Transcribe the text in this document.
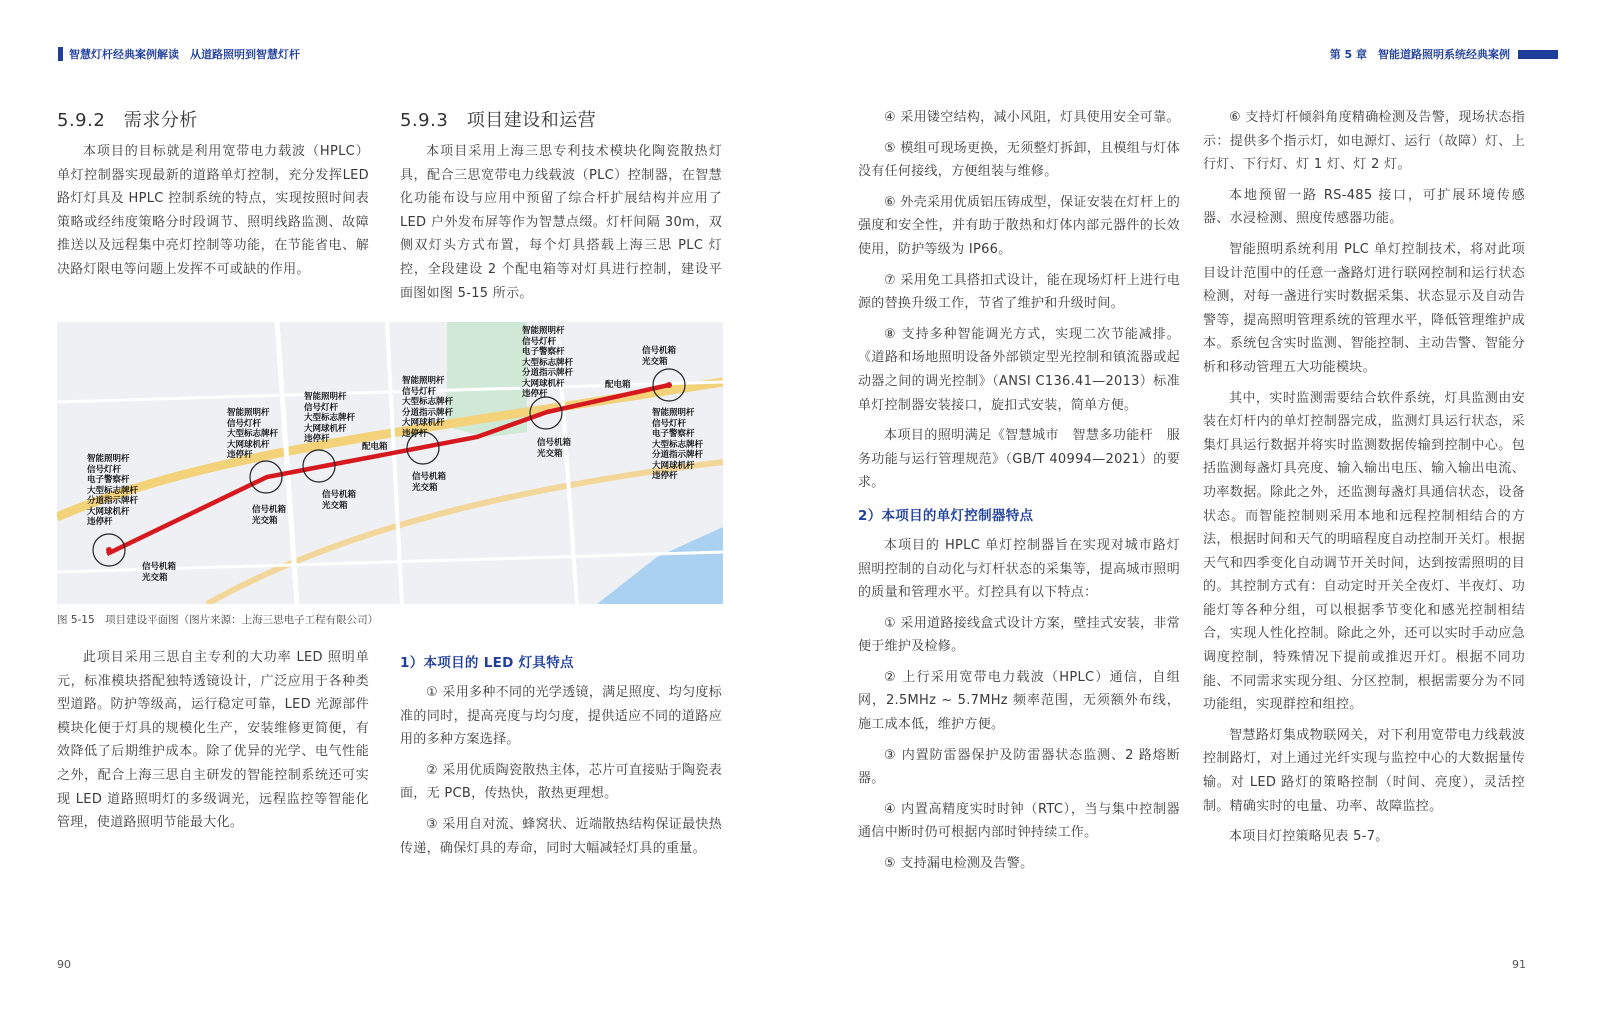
智慧灯杆经典案例解读　从道路照明到智慧灯杆	第 5 章　智能道路照明系统经典案例
5.9.2　需求分析

本项目的目标就是利用宽带电力载波（HPLC）单灯控制器实现最新的道路单灯控制，充分发挥LED路灯灯具及 HPLC 控制系统的特点，实现按照时间表策略或经纬度策略分时段调节、照明线路监测、故障推送以及远程集中亮灯控制等功能，在节能省电、解决路灯限电等问题上发挥不可或缺的作用。

5.9.3　项目建设和运营

本项目采用上海三思专利技术模块化陶瓷散热灯具，配合三思宽带电力线载波（PLC）控制器，在智慧化功能布设与应用中预留了综合杆扩展结构并应用了 LED 户外发布屏等作为智慧点缀。灯杆间隔 30m，双侧双灯头方式布置，每个灯具搭载上海三思 PLC 灯控，全段建设 2 个配电箱等对灯具进行控制，建设平面图如图 5-15 所示。

智能照明杆
信号灯杆
电子警察杆
大型标志牌杆
分道指示牌杆
大网球机杆
违停杆
信号机箱
光交箱
智能照明杆
信号灯杆
大型标志牌杆
大网球机杆
违停杆
信号机箱
光交箱
智能照明杆
信号灯杆
大型标志牌杆
大网球机杆
违停杆
信号机箱
光交箱
配电箱
智能照明杆
信号灯杆
大型标志牌杆
分道指示牌杆
大网球机杆
违停杆
信号机箱
光交箱
智能照明杆
信号灯杆
电子警察杆
大型标志牌杆
分道指示牌杆
大网球机杆
违停杆
信号机箱
光交箱
配电箱
信号机箱
光交箱
智能照明杆
信号灯杆
电子警察杆
大型标志牌杆
分道指示牌杆
大网球机杆
违停杆
图 5-15　项目建设平面图（图片来源：上海三思电子工程有限公司）

此项目采用三思自主专利的大功率 LED 照明单元，标准模块搭配独特透镜设计，广泛应用于各种类型道路。防护等级高，运行稳定可靠，LED 光源部件模块化便于灯具的规模化生产，安装维修更简便，有效降低了后期维护成本。除了优异的光学、电气性能之外，配合上海三思自主研发的智能控制系统还可实现 LED 道路照明灯的多级调光，远程监控等智能化管理，使道路照明节能最大化。

1）本项目的 LED 灯具特点

① 采用多种不同的光学透镜，满足照度、均匀度标准的同时，提高亮度与均匀度，提供适应不同的道路应用的多种方案选择。

② 采用优质陶瓷散热主体，芯片可直接贴于陶瓷表面，无 PCB，传热快，散热更理想。

③ 采用自对流、蜂窝状、近端散热结构保证最快热传递，确保灯具的寿命，同时大幅减轻灯具的重量。

90

④ 采用镂空结构，减小风阻，灯具使用安全可靠。

⑤ 模组可现场更换，无须整灯拆卸，且模组与灯体没有任何接线，方便组装与维修。

⑥ 外壳采用优质铝压铸成型，保证安装在灯杆上的强度和安全性，并有助于散热和灯体内部元器件的长效使用，防护等级为 IP66。

⑦ 采用免工具搭扣式设计，能在现场灯杆上进行电源的替换升级工作，节省了维护和升级时间。

⑧ 支持多种智能调光方式，实现二次节能减排。《道路和场地照明设备外部锁定型光控制和镇流器或起动器之间的调光控制》（ANSI C136.41—2013）标准单灯控制器安装接口，旋扣式安装，简单方便。

本项目的照明满足《智慧城市　智慧多功能杆　服务功能与运行管理规范》（GB/T 40994—2021）的要求。

2）本项目的单灯控制器特点

本项目的 HPLC 单灯控制器旨在实现对城市路灯照明控制的自动化与灯杆状态的采集等，提高城市照明的质量和管理水平。灯控具有以下特点：

① 采用道路接线盒式设计方案，壁挂式安装，非常便于维护及检修。

② 上行采用宽带电力载波（HPLC）通信，自组网，2.5MHz ~ 5.7MHz 频率范围，无须额外布线，施工成本低，维护方便。

③ 内置防雷器保护及防雷器状态监测、2 路熔断器。

④ 内置高精度实时时钟（RTC），当与集中控制器通信中断时仍可根据内部时钟持续工作。

⑤ 支持漏电检测及告警。

⑥ 支持灯杆倾斜角度精确检测及告警，现场状态指示：提供多个指示灯，如电源灯、运行（故障）灯、上行灯、下行灯、灯 1 灯、灯 2 灯。

本地预留一路 RS-485 接口，可扩展环境传感器、水浸检测、照度传感器功能。

智能照明系统利用 PLC 单灯控制技术，将对此项目设计范围中的任意一盏路灯进行联网控制和运行状态检测，对每一盏进行实时数据采集、状态显示及自动告警等，提高照明管理系统的管理水平，降低管理维护成本。系统包含实时监测、智能控制、主动告警、智能分析和移动管理五大功能模块。

其中，实时监测需要结合软件系统，灯具监测由安装在灯杆内的单灯控制器完成，监测灯具运行状态，采集灯具运行数据并将实时监测数据传输到控制中心。包括监测每盏灯具亮度、输入输出电压、输入输出电流、功率数据。除此之外，还监测每盏灯具通信状态，设备状态。而智能控制则采用本地和远程控制相结合的方法，根据时间和天气的明暗程度自动控制开关灯。根据天气和四季变化自动调节开关时间，达到按需照明的目的。其控制方式有：自动定时开关全夜灯、半夜灯、功能灯等各种分组，可以根据季节变化和感光控制相结合，实现人性化控制。除此之外，还可以实时手动应急调度控制，特殊情况下提前或推迟开灯。根据不同功能、不同需求实现分组、分区控制，根据需要分为不同功能组，实现群控和组控。

智慧路灯集成物联网关，对下利用宽带电力线载波控制路灯，对上通过光纤实现与监控中心的大数据量传输。对 LED 路灯的策略控制（时间、亮度），灵活控制。精确实时的电量、功率、故障监控。

本项目灯控策略见表 5-7。

91
